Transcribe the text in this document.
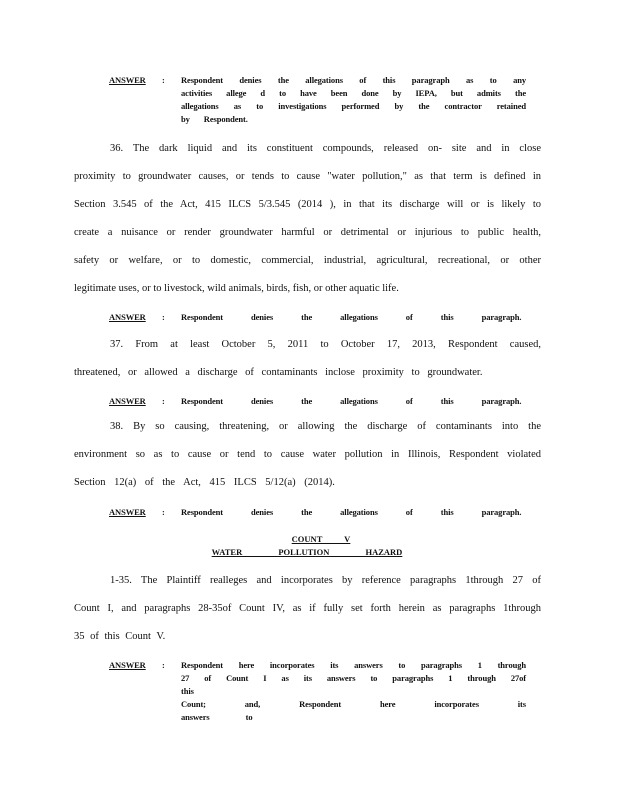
ANSWER : Respondent denies the allegations of this paragraph as to any
activities allege d to have been done by IEPA, but admits the
allegations as to investigations performed by the contractor retained
by Respondent.
36. The dark liquid and its constituent compounds, released on- site and in close
proximity to groundwater causes, or tends to cause "water pollution," as that term is defined in
Section 3.545 of the Act, 415 ILCS 5/3.545 (2014 ), in that its discharge will or is likely to
create a nuisance or render groundwater harmful or detrimental or injurious to public health,
safety or welfare, or to domestic, commercial, industrial, agricultural, recreational, or other
legitimate uses, or to livestock, wild animals, birds, fish, or other aquatic life.
ANSWER : Respondent denies the allegations of this paragraph.
37. From at least October 5, 2011 to October 17, 2013, Respondent caused,
threatened, or allowed a discharge of contaminants inclose proximity to groundwater.
ANSWER : Respondent denies the allegations of this paragraph.
38. By so causing, threatening, or allowing the discharge of contaminants into the
environment so as to cause or tend to cause water pollution in Illinois, Respondent violated
Section 12(a) of the Act, 415 ILCS 5/12(a) (2014).
ANSWER : Respondent denies the allegations of this paragraph.
COUNT V
WATER POLLUTION HAZARD
1-35. The Plaintiff realleges and incorporates by reference paragraphs 1through 27 of
Count I, and paragraphs 28-35of Count IV, as if fully set forth herein as paragraphs 1through
35 of this Count V.
ANSWER : Respondent here incorporates its answers to paragraphs 1 through
27 of Count I as its answers to paragraphs 1 through 27of this
Count; and, Respondent here incorporates its answers to
